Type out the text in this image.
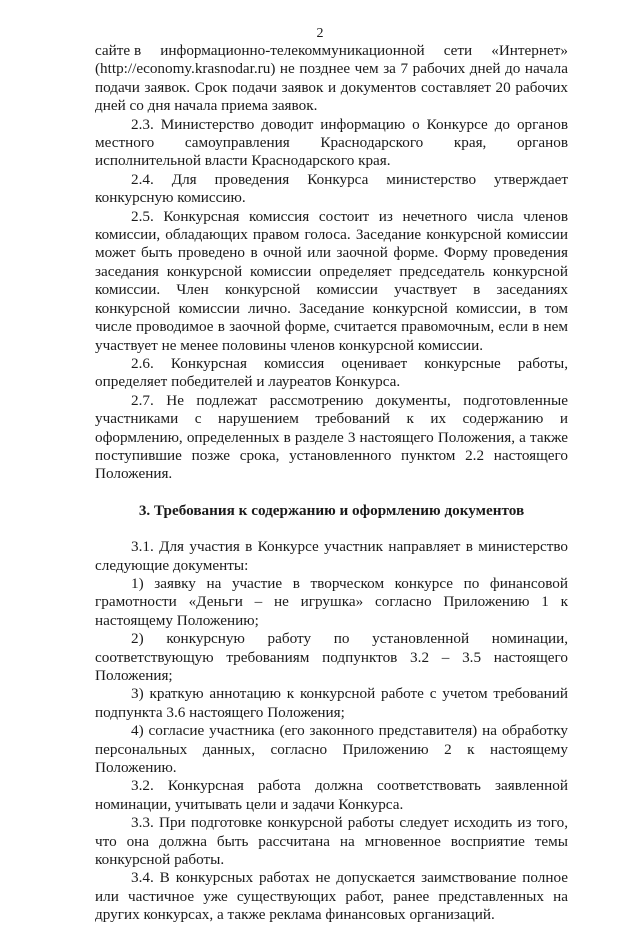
2

сайте в информационно-телекоммуникационной сети «Интернет»

(http://economy.krasnodar.ru) не позднее чем за 7 рабочих дней до начала подачи заявок. Срок подачи заявок и документов составляет 20 рабочих дней со дня начала приема заявок.

2.3. Министерство доводит информацию о Конкурсе до органов местного самоуправления Краснодарского края, органов исполнительной власти Краснодарского края.

2.4. Для проведения Конкурса министерство утверждает конкурсную комиссию.

2.5. Конкурсная комиссия состоит из нечетного числа членов комиссии, обладающих правом голоса. Заседание конкурсной комиссии может быть проведено в очной или заочной форме. Форму проведения заседания конкурсной комиссии определяет председатель конкурсной комиссии. Член конкурсной комиссии участвует в заседаниях конкурсной комиссии лично. Заседание конкурсной комиссии, в том числе проводимое в заочной форме, считается правомочным, если в нем участвует не менее половины членов конкурсной комиссии.

2.6. Конкурсная комиссия оценивает конкурсные работы, определяет победителей и лауреатов Конкурса.

2.7. Не подлежат рассмотрению документы, подготовленные участниками с нарушением требований к их содержанию и оформлению, определенных в разделе 3 настоящего Положения, а также поступившие позже срока, установленного пунктом 2.2 настоящего Положения.

3. Требования к содержанию и оформлению документов

3.1. Для участия в Конкурсе участник направляет в министерство следующие документы:

1) заявку на участие в творческом конкурсе по финансовой грамотности «Деньги – не игрушка» согласно Приложению 1 к настоящему Положению;

2) конкурсную работу по установленной номинации, соответствующую требованиям подпунктов 3.2 – 3.5 настоящего Положения;

3) краткую аннотацию к конкурсной работе с учетом требований подпункта 3.6 настоящего Положения;

4) согласие участника (его законного представителя) на обработку персональных данных, согласно Приложению 2 к настоящему Положению.

3.2. Конкурсная работа должна соответствовать заявленной номинации, учитывать цели и задачи Конкурса.

3.3. При подготовке конкурсной работы следует исходить из того, что она должна быть рассчитана на мгновенное восприятие темы конкурсной работы.

3.4. В конкурсных работах не допускается заимствование полное или частичное уже существующих работ, ранее представленных на других конкурсах, а также реклама финансовых организаций.
